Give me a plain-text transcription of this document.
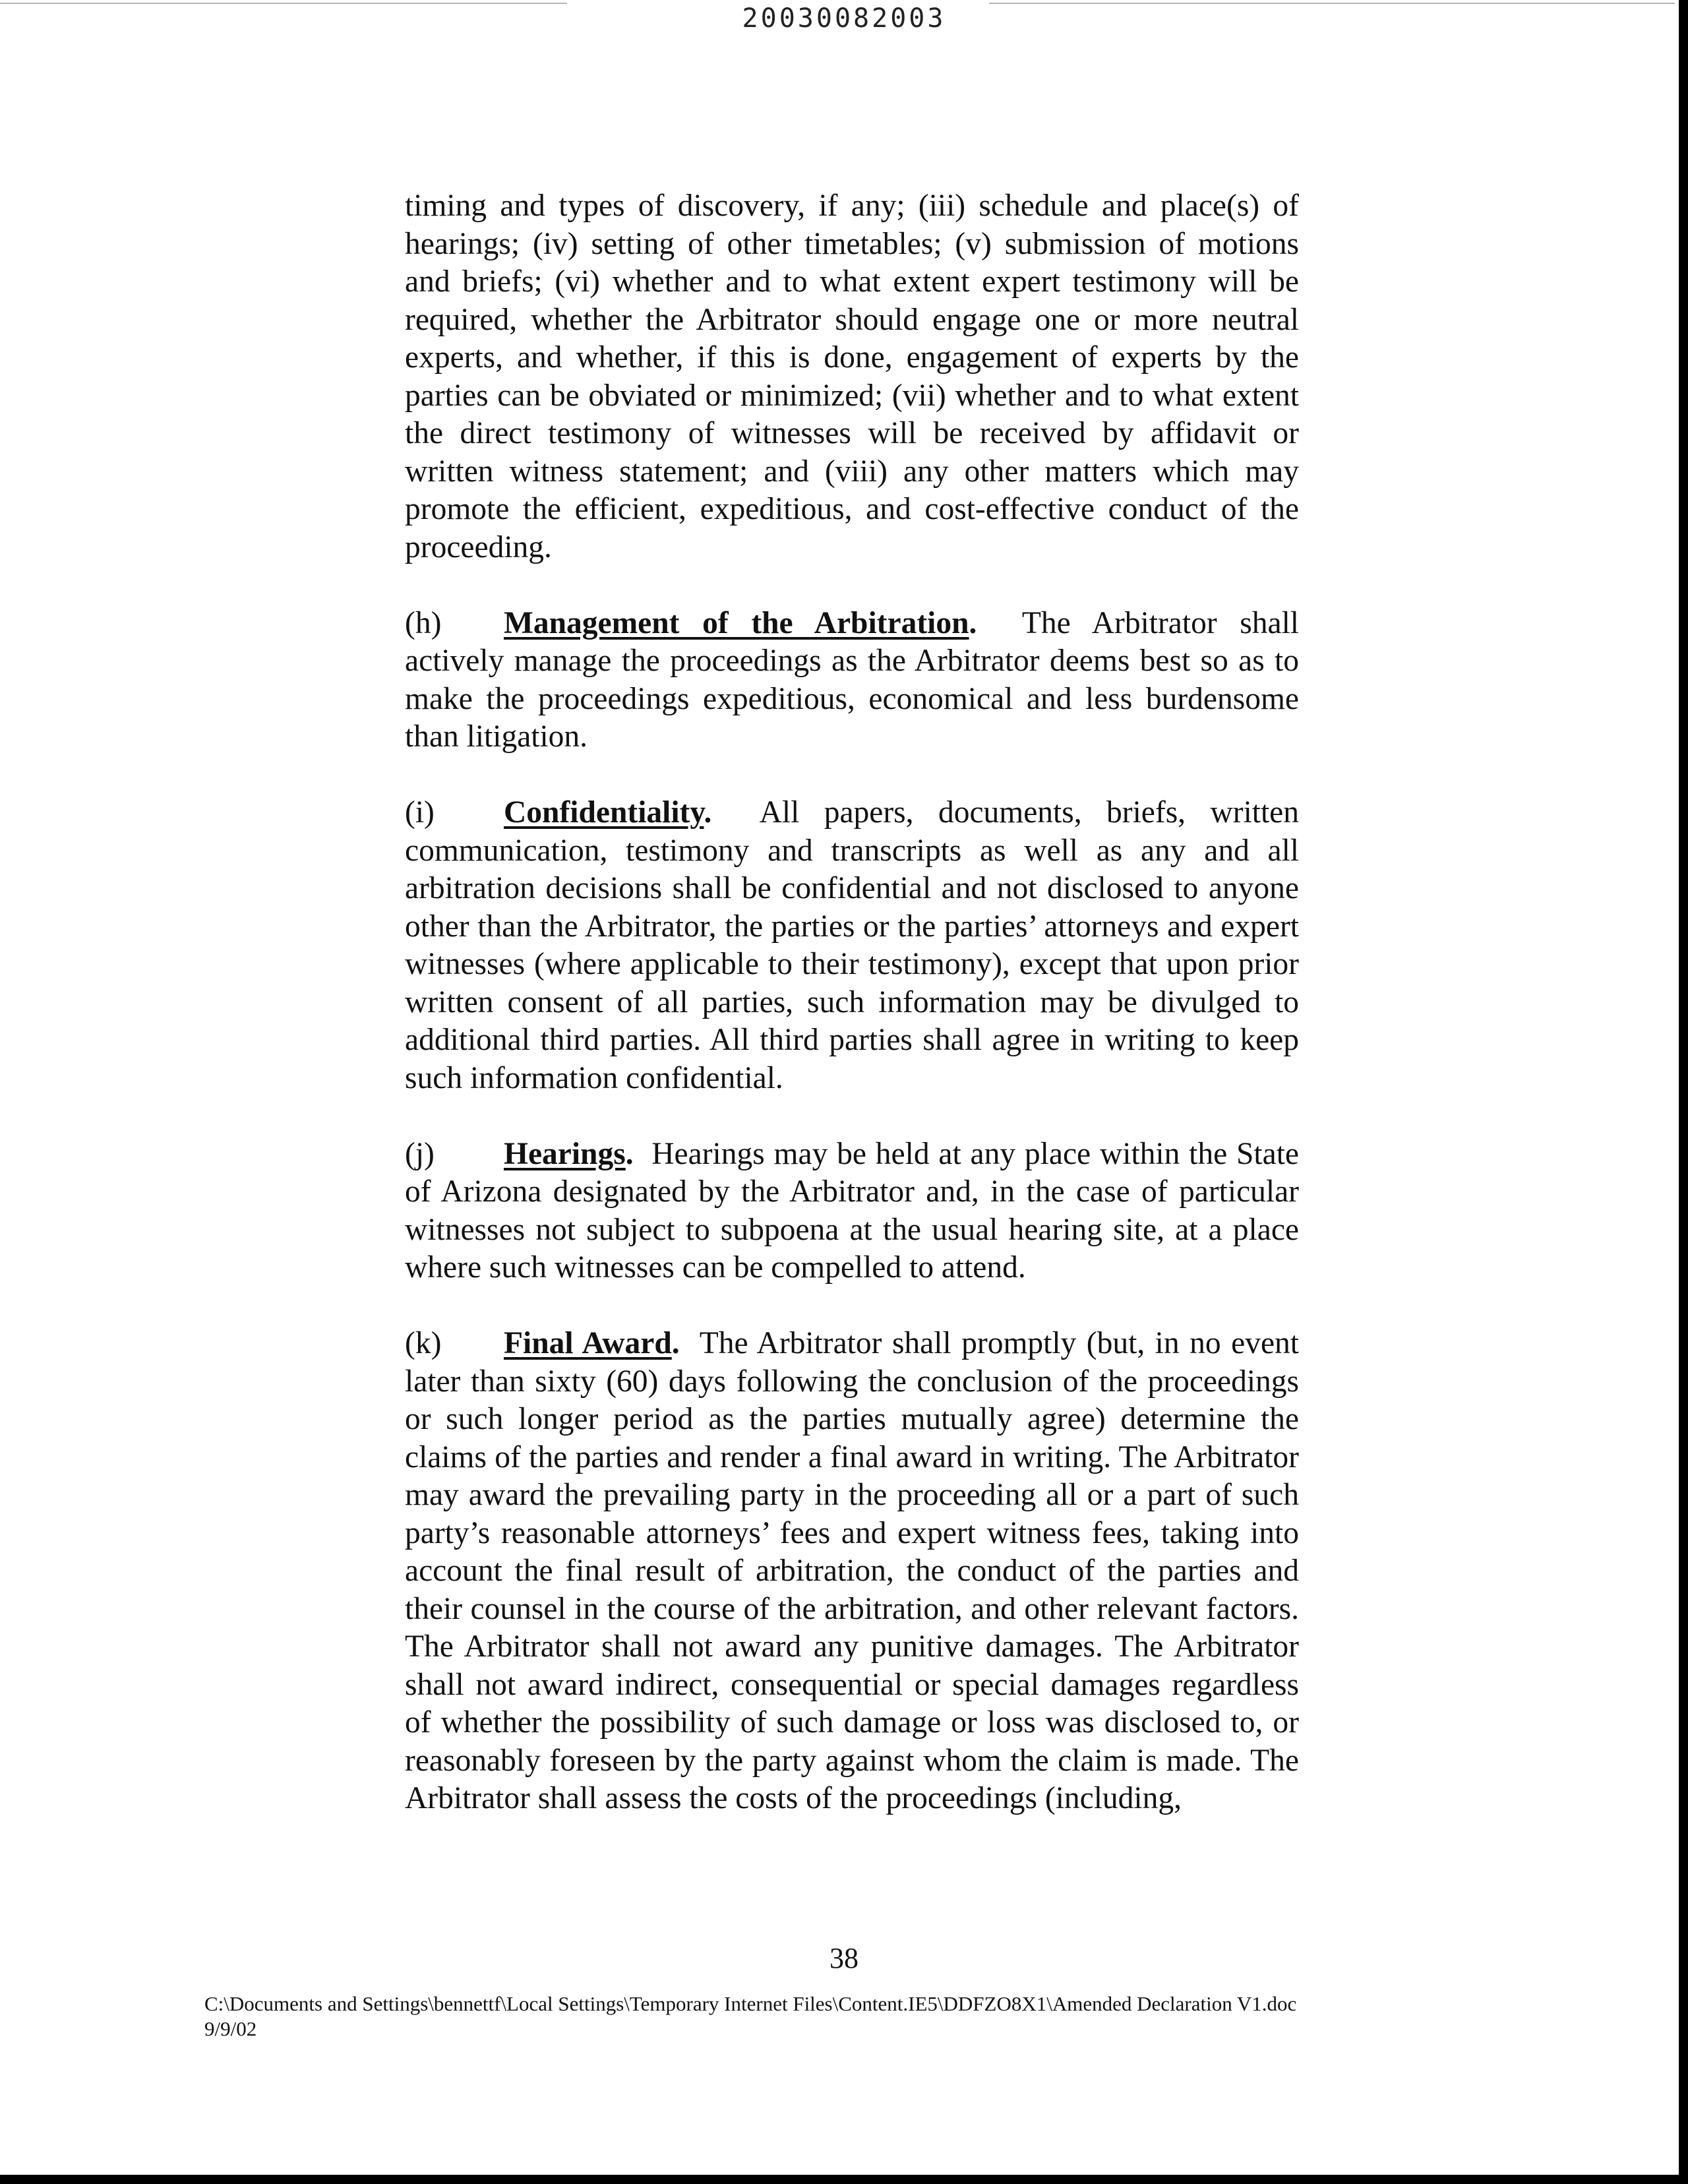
20030082003

timing and types of discovery, if any; (iii) schedule and place(s) of hearings; (iv) setting of other timetables; (v) submission of motions and briefs; (vi) whether and to what extent expert testimony will be required, whether the Arbitrator should engage one or more neutral experts, and whether, if this is done, engagement of experts by the parties can be obviated or minimized; (vii) whether and to what extent the direct testimony of witnesses will be received by affidavit or written witness statement; and (viii) any other matters which may promote the efficient, expeditious, and cost-effective conduct of the proceeding.

(h) Management of the Arbitration. The Arbitrator shall actively manage the proceedings as the Arbitrator deems best so as to make the proceedings expeditious, economical and less burdensome than litigation.

(i) Confidentiality. All papers, documents, briefs, written communication, testimony and transcripts as well as any and all arbitration decisions shall be confidential and not disclosed to anyone other than the Arbitrator, the parties or the parties’ attorneys and expert witnesses (where applicable to their testimony), except that upon prior written consent of all parties, such information may be divulged to additional third parties. All third parties shall agree in writing to keep such information confidential.

(j) Hearings. Hearings may be held at any place within the State of Arizona designated by the Arbitrator and, in the case of particular witnesses not subject to subpoena at the usual hearing site, at a place where such witnesses can be compelled to attend.

(k) Final Award. The Arbitrator shall promptly (but, in no event later than sixty (60) days following the conclusion of the proceedings or such longer period as the parties mutually agree) determine the claims of the parties and render a final award in writing. The Arbitrator may award the prevailing party in the proceeding all or a part of such party’s reasonable attorneys’ fees and expert witness fees, taking into account the final result of arbitration, the conduct of the parties and their counsel in the course of the arbitration, and other relevant factors. The Arbitrator shall not award any punitive damages. The Arbitrator shall not award indirect, consequential or special damages regardless of whether the possibility of such damage or loss was disclosed to, or reasonably foreseen by the party against whom the claim is made. The Arbitrator shall assess the costs of the proceedings (including,

38
C:\Documents and Settings\bennettf\Local Settings\Temporary Internet Files\Content.IE5\DDFZO8X1\Amended Declaration V1.doc
9/9/02
